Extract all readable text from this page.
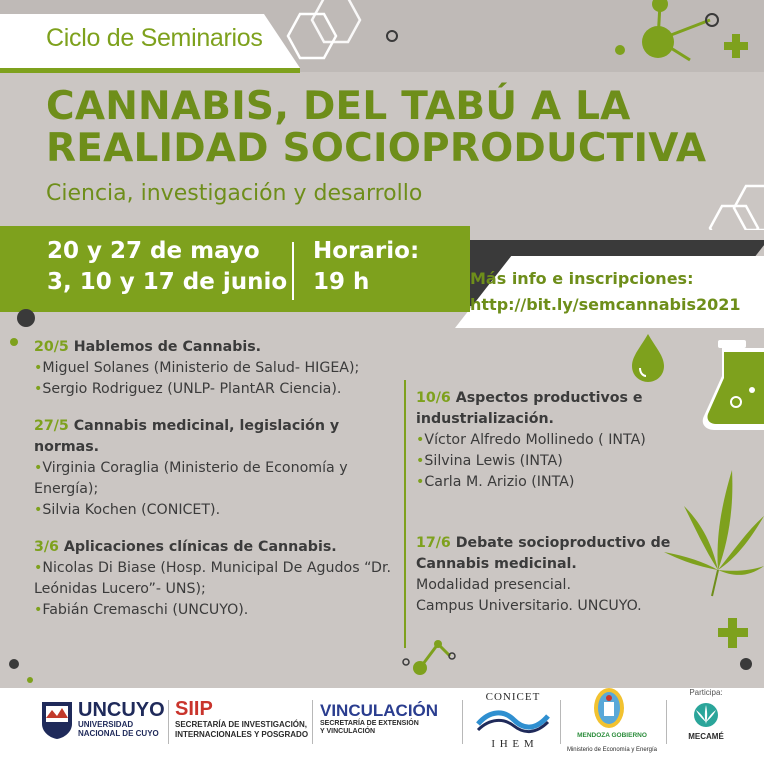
Ciclo de Seminarios
CANNABIS, DEL TABÚ A LA
REALIDAD SOCIOPRODUCTIVA
Ciencia, investigación y desarrollo
Más info e inscripciones:
http://bit.ly/semcannabis2021
20 y 27 de mayo
3, 10 y 17 de junio
Horario:
19 h
20/5 Hablemos de Cannabis.
•Miguel Solanes (Ministerio de Salud- HIGEA);
•Sergio Rodriguez (UNLP- PlantAR Ciencia).
27/5 Cannabis medicinal, legislación y normas.
•Virginia Coraglia (Ministerio de Economía y Energía);
•Silvia Kochen (CONICET).
3/6 Aplicaciones clínicas de Cannabis.
•Nicolas Di Biase (Hosp. Municipal De Agudos “Dr. Leónidas Lucero”- UNS);
•Fabián Cremaschi (UNCUYO).
10/6 Aspectos productivos e industrialización.
•Víctor Alfredo Mollinedo ( INTA)
•Silvina Lewis (INTA)
•Carla M. Arizio (INTA)
17/6 Debate socioproductivo de Cannabis medicinal.
Modalidad presencial.
Campus Universitario. UNCUYO.
UNCUYO
UNIVERSIDAD
NACIONAL DE CUYO
SIIP
SECRETARÍA DE INVESTIGACIÓN,
INTERNACIONALES Y POSGRADO
VINCULACIÓN
SECRETARÍA DE EXTENSIÓN
Y VINCULACIÓN
CONICET
I H E M
MENDOZA GOBIERNO
Ministerio de Economía y Energía
Participa:
MECAMÉ
